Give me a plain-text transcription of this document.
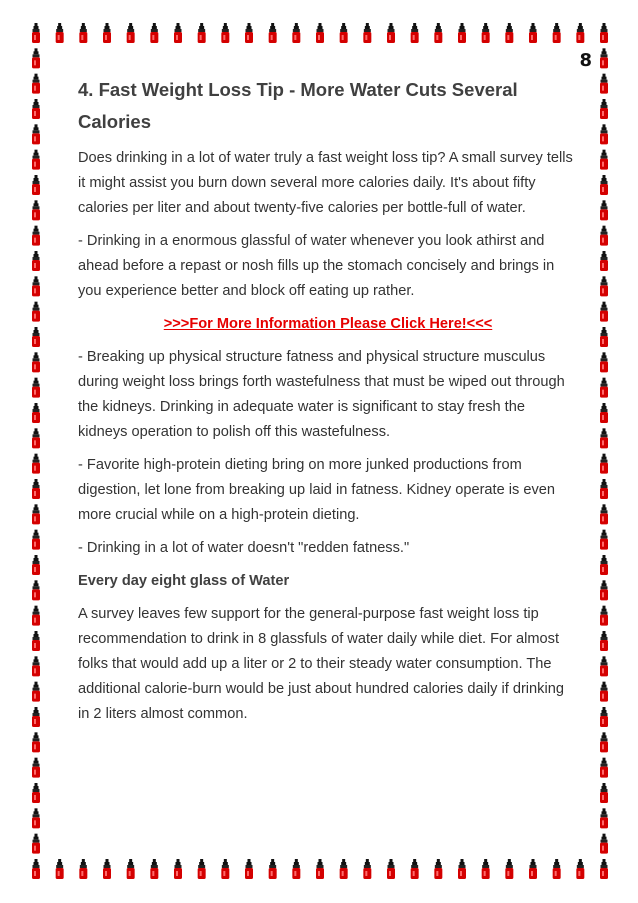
8
4. Fast Weight Loss Tip - More Water Cuts Several Calories

Does drinking in a lot of water truly a fast weight loss tip? A small survey tells it might assist you burn down several more calories daily. It's about fifty calories per liter and about twenty-five calories per bottle-full of water.

- Drinking in a enormous glassful of water whenever you look athirst and ahead before a repast or nosh fills up the stomach concisely and brings in you experience better and block off eating up rather.

>>>For More Information Please Click Here!<<<

- Breaking up physical structure fatness and physical structure musculus during weight loss brings forth wastefulness that must be wiped out through the kidneys. Drinking in adequate water is significant to stay fresh the kidneys operation to polish off this wastefulness.

- Favorite high-protein dieting bring on more junked productions from digestion, let lone from breaking up laid in fatness. Kidney operate is even more crucial while on a high-protein dieting.

- Drinking in a lot of water doesn't "redden fatness."

Every day eight glass of Water

A survey leaves few support for the general-purpose fast weight loss tip recommendation to drink in 8 glassfuls of water daily while diet. For almost folks that would add up a liter or 2 to their steady water consumption. The additional calorie-burn would be just about hundred calories daily if drinking in 2 liters almost common.
